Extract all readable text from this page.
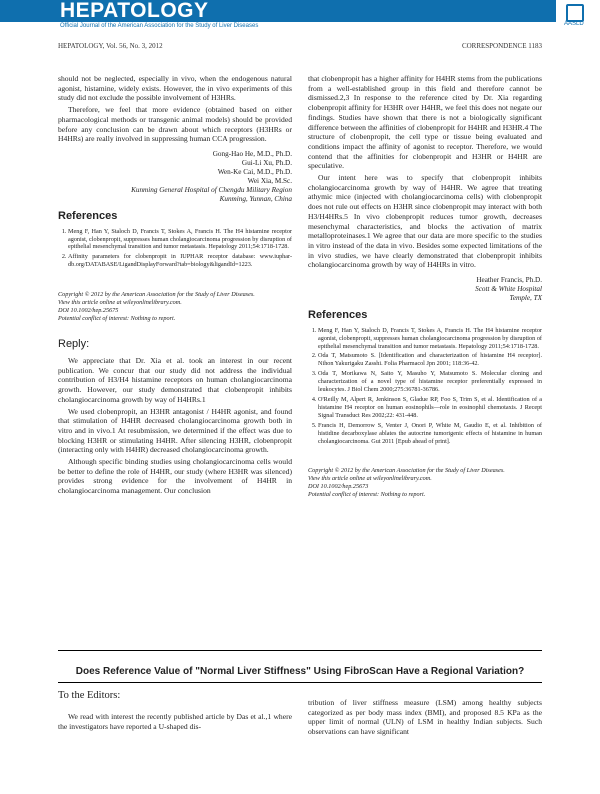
HEPATOLOGY
Official Journal of the American Association for the Study of Liver Diseases	AASLD
HEPATOLOGY, Vol. 56, No. 3, 2012	CORRESPONDENCE 1183

should not be neglected, especially in vivo, when the endogenous natural agonist, histamine, widely exists. However, the in vivo experiments of this study did not exclude the possible involvement of H3HRs.

Therefore, we feel that more evidence (obtained based on either pharmacological methods or transgenic animal models) should be provided before any conclusion can be drawn about which receptors (H3HRs or H4HRs) are really involved in suppressing human CCA progression.

Gong-Hao He, M.D., Ph.D.
Gui-Li Xu, Ph.D.
Wen-Ke Cai, M.D., Ph.D.
Wei Xia, M.Sc.
Kunming General Hospital of Chengdu Military Region
Kunming, Yunnan, China
References
1. Meng F, Han Y, Staloch D, Francis T, Stokes A, Francis H. The H4 histamine receptor agonist, clobenpropit, suppresses human cholangiocarcinoma progression by disruption of epithelial mesenchymal transition and tumor metastasis. Hepatology 2011;54:1718-1728.
2. Affinity parameters for clobenpropit in IUPHAR receptor database: www.iuphar-db.org/DATABASE/LigandDisplayForward?tab=biology&ligandId=1223.
Copyright © 2012 by the American Association for the Study of Liver Diseases.
View this article online at wileyonlinelibrary.com.
DOI 10.1002/hep.25675
Potential conflict of interest: Nothing to report.
Reply:

We appreciate that Dr. Xia et al. took an interest in our recent publication. We concur that our study did not address the individual contribution of H3/H4 histamine receptors on human cholangiocarcinoma growth. However, our study demonstrated that clobenpropit inhibits cholangiocarcinoma growth by way of H4HRs.1

We used clobenpropit, an H3HR antagonist / H4HR agonist, and found that stimulation of H4HR decreased cholangiocarcinoma growth both in vitro and in vivo.1 At resubmission, we determined if the effect was due to blocking H3HR or stimulating H4HR. After silencing H3HR, clobenpropit (interacting only with H4HR) decreased cholangiocarcinoma growth.

Although specific binding studies using cholangiocarcinoma cells would be better to define the role of H4HR, our study (where H3HR was silenced) provides strong evidence for the involvement of H4HR in cholangiocarcinoma management. Our conclusion

that clobenpropit has a higher affinity for H4HR stems from the publications from a well-established group in this field and therefore cannot be dismissed.2,3 In response to the reference cited by Dr. Xia regarding clobenpropit affinity for H3HR over H4HR, we feel this does not negate our findings. Studies have shown that there is not a biologically significant difference between the affinities of clobenpropit for H4HR and H3HR.4 The structure of clobenpropit, the cell type or tissue being evaluated and conditions impact the affinity of agonist to receptor. Therefore, we would contend that the affinities for clobenpropit and H3HR or H4HR are speculative.

Our intent here was to specify that clobenpropit inhibits cholangiocarcinoma growth by way of H4HR. We agree that treating athymic mice (injected with cholangiocarcinoma cells) with clobenpropit does not rule out effects on H3HR since clobenpropit may interact with both H3/H4HRs.5 In vivo clobenpropit reduces tumor growth, decreases mesenchymal characteristics, and blocks the activation of matrix metalloproteinases.1 We agree that our data are more specific to the studies in vitro instead of the data in vivo. Besides some expected limitations of the in vivo studies, we have clearly demonstrated that clobenpropit inhibits cholangiocarcinoma growth by way of H4HRs in vitro.

Heather Francis, Ph.D.
Scott & White Hospital
Temple, TX
References
1. Meng F, Han Y, Staloch D, Francis T, Stokes A, Francis H. The H4 histamine receptor agonist, clobenpropit, suppresses human cholangiocarcinoma progression by disruption of epithelial mesenchymal transition and tumor metastasis. Hepatology 2011;54:1718-1728.
2. Oda T, Matsumoto S. [Identification and characterization of histamine H4 receptor]. Nihon Yakurigaku Zasshi. Folia Pharmacol Jpn 2001; 118:36-42.
3. Oda T, Morikawa N, Saito Y, Masuho Y, Matsumoto S. Molecular cloning and characterization of a novel type of histamine receptor preferentially expressed in leukocytes. J Biol Chem 2000;275:36781-36786.
4. O'Reilly M, Alpert R, Jenkinson S, Gladue RP, Foo S, Trim S, et al. Identification of a histamine H4 receptor on human eosinophils—role in eosinophil chemotaxis. J Recept Signal Transduct Res 2002;22: 431-448.
5. Francis H, Demorrow S, Venter J, Onori P, White M, Gaudio E, et al. Inhibition of histidine decarboxylase ablates the autocrine tumorigenic effects of histamine in human cholangiocarcinoma. Gut 2011 [Epub ahead of print].
Copyright © 2012 by the American Association for the Study of Liver Diseases.
View this article online at wileyonlinelibrary.com.
DOI 10.1002/hep.25673
Potential conflict of interest: Nothing to report.
Does Reference Value of "Normal Liver Stiffness" Using FibroScan Have a Regional Variation?
To the Editors:

We read with interest the recently published article by Das et al.,1 where the investigators have reported a U-shaped dis-

tribution of liver stiffness measure (LSM) among healthy subjects categorized as per body mass index (BMI), and proposed 8.5 KPa as the upper limit of normal (ULN) of LSM in healthy Indian subjects. Such observations can have significant
